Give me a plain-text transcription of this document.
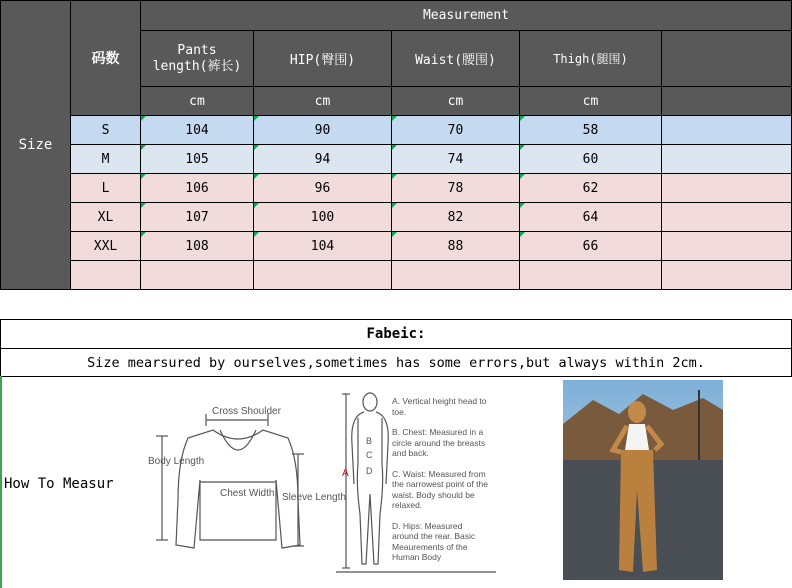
Size
码数
Measurement
Pants length(裤长)	HIP(臀围)	Waist(腰围)	Thigh(腿围)
cm	cm	cm	cm
S	104	90	70	58
M	105	94	74	60
L	106	96	78	62
XL	107	100	82	64
XXL	108	104	88	66
Fabeic:
Size mearsured by ourselves,sometimes has some errors,but always within 2cm.
How To Measur
Cross Shoulder
Body Length
Chest Width Sleeve Length
A
B
C
D
A. Vertical height head to toe.
B. Chest: Measured in a circle around the breasts and back.
C. Waist: Measured from the narrowest point of the waist. Body should be relaxed.
D. Hips: Measured around the rear. Basic Meaurements of the Human Body
